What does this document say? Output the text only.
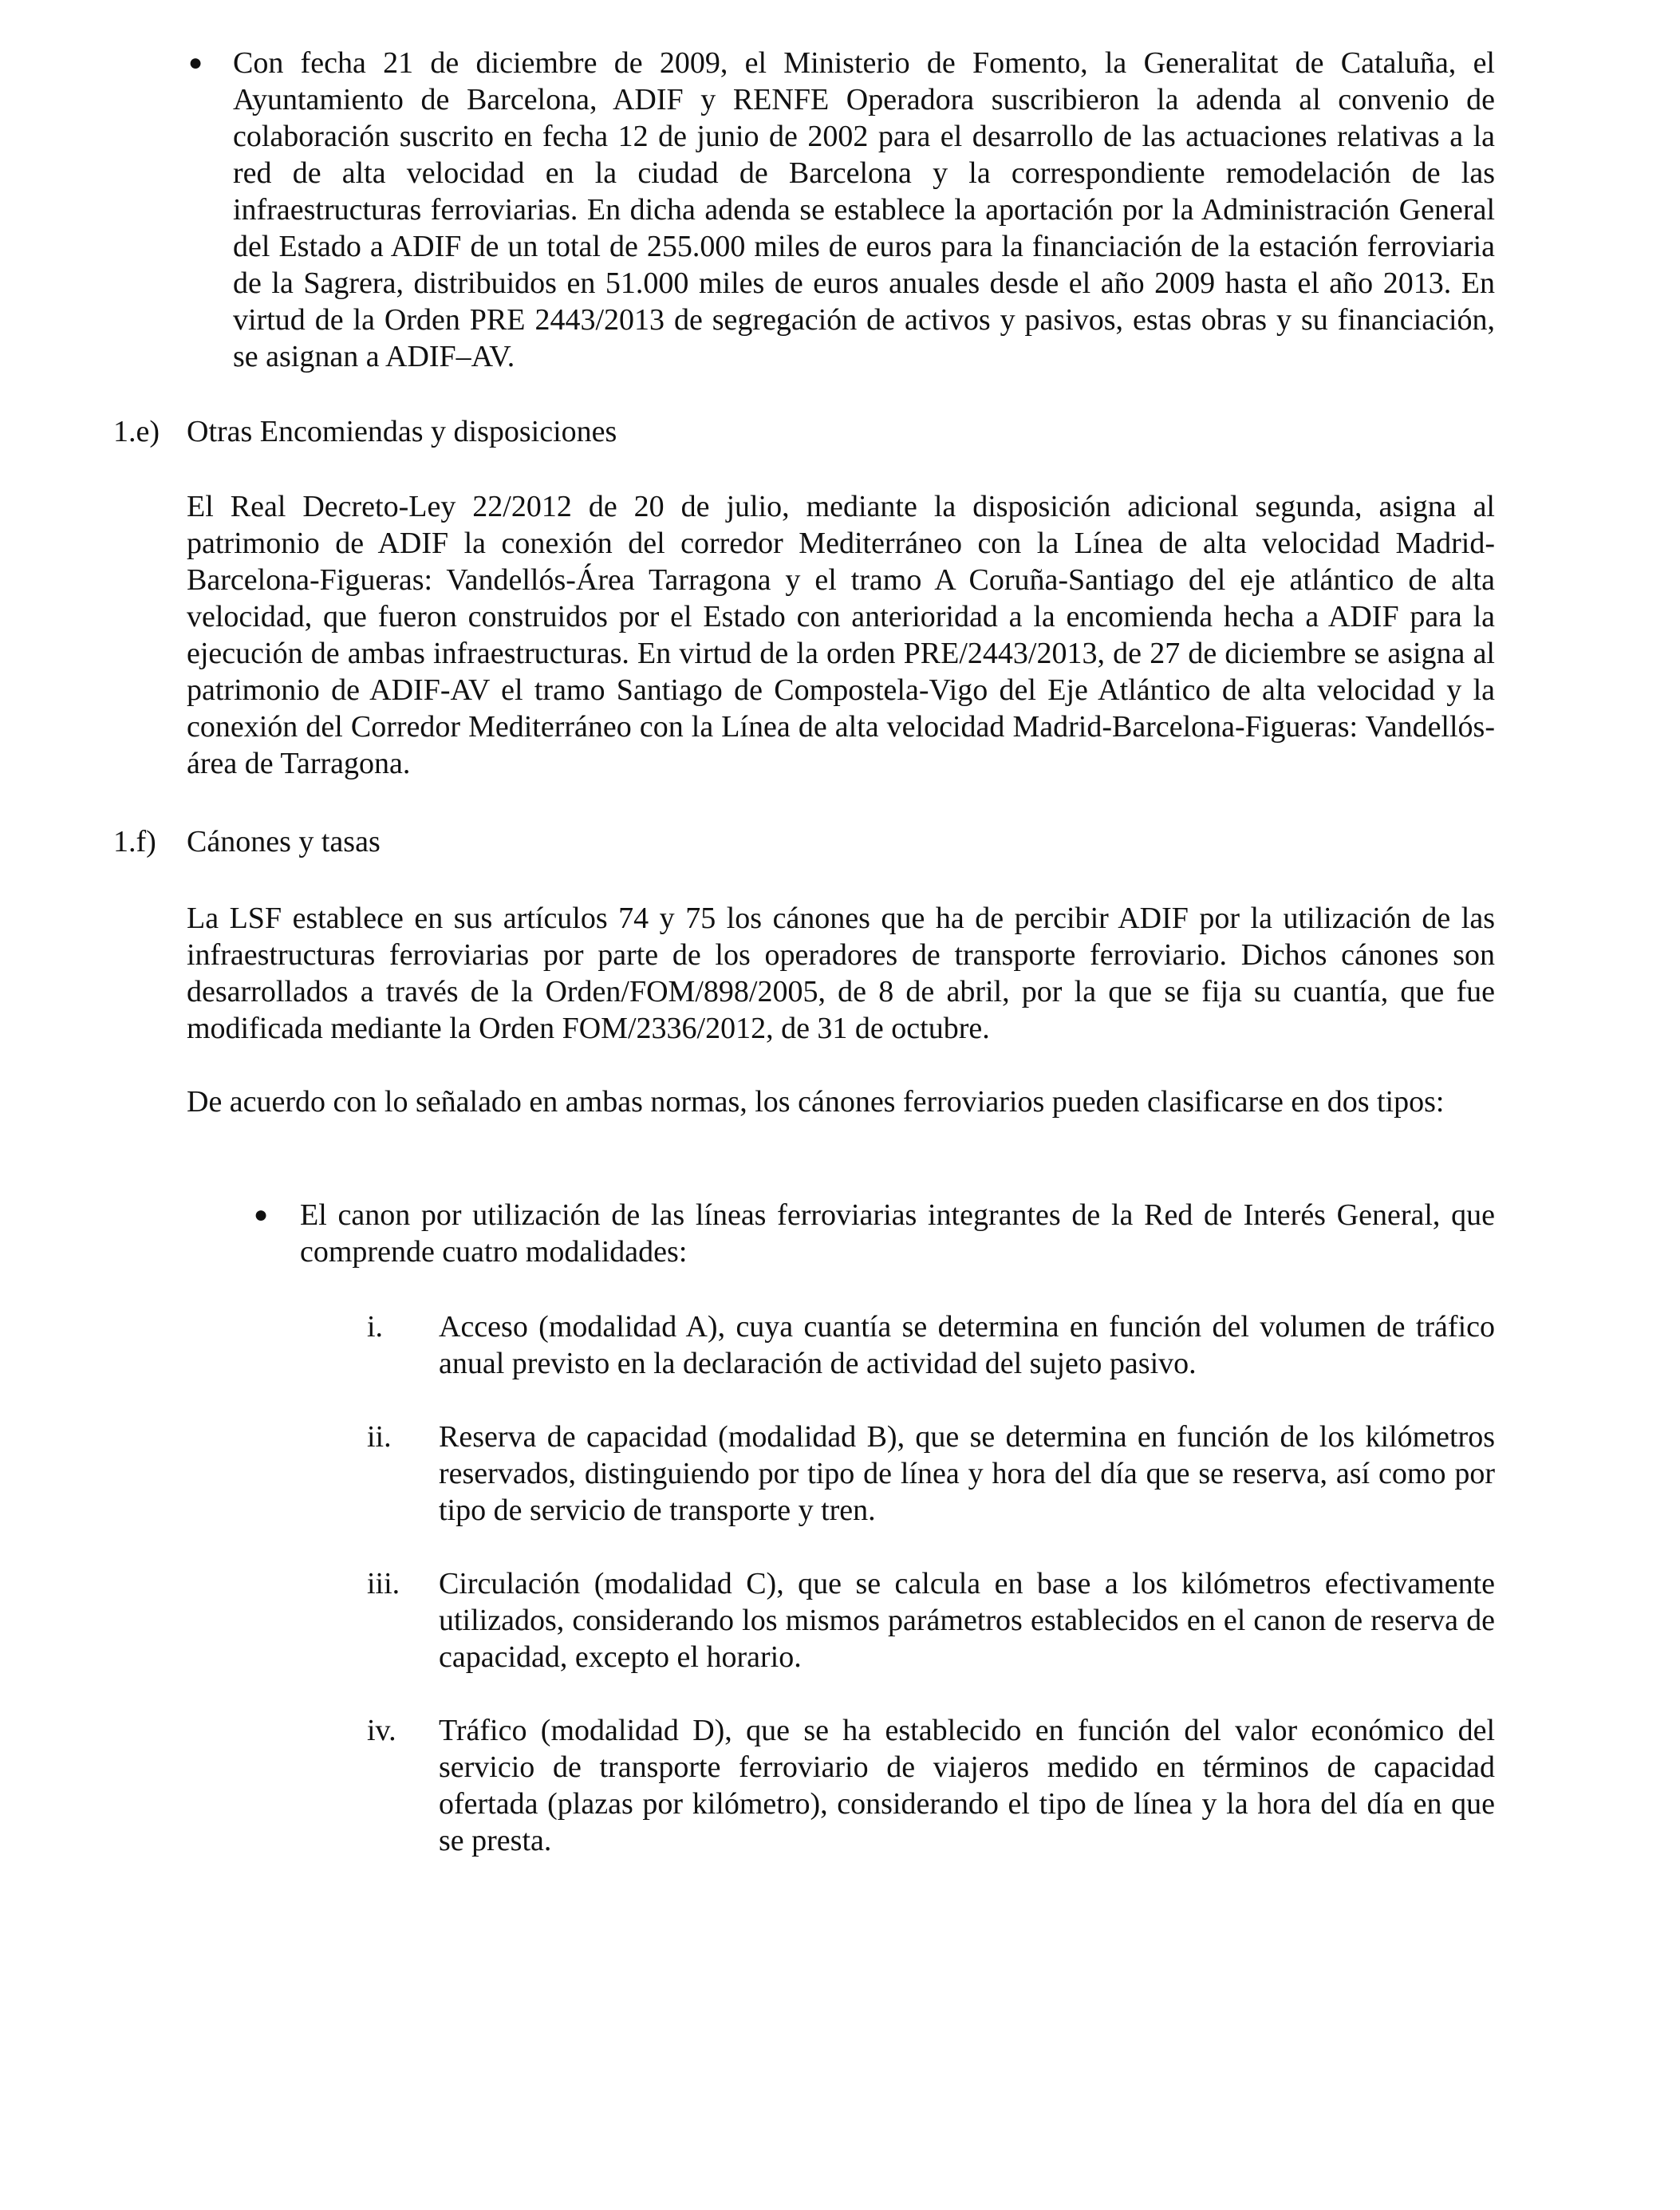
● Con fecha 21 de diciembre de 2009, el Ministerio de Fomento, la Generalitat de Cataluña, el Ayuntamiento de Barcelona, ADIF y RENFE Operadora suscribieron la adenda al convenio de colaboración suscrito en fecha 12 de junio de 2002 para el desarrollo de las actuaciones relativas a la red de alta velocidad en la ciudad de Barcelona y la correspondiente remodelación de las infraestructuras ferroviarias. En dicha adenda se establece la aportación por la Administración General del Estado a ADIF de un total de 255.000 miles de euros para la financiación de la estación ferroviaria de la Sagrera, distribuidos en 51.000 miles de euros anuales desde el año 2009 hasta el año 2013. En virtud de la Orden PRE 2443/2013 de segregación de activos y pasivos, estas obras y su financiación, se asignan a ADIF–AV.

1.e) Otras Encomiendas y disposiciones

El Real Decreto-Ley 22/2012 de 20 de julio, mediante la disposición adicional segunda, asigna al patrimonio de ADIF la conexión del corredor Mediterráneo con la Línea de alta velocidad Madrid-Barcelona-Figueras: Vandellós-Área Tarragona y el tramo A Coruña-Santiago del eje atlántico de alta velocidad, que fueron construidos por el Estado con anterioridad a la encomienda hecha a ADIF para la ejecución de ambas infraestructuras. En virtud de la orden PRE/2443/2013, de 27 de diciembre se asigna al patrimonio de ADIF-AV el tramo Santiago de Compostela-Vigo del Eje Atlántico de alta velocidad y la conexión del Corredor Mediterráneo con la Línea de alta velocidad Madrid-Barcelona-Figueras: Vandellós-área de Tarragona.

1.f)	Cánones y tasas

La LSF establece en sus artículos 74 y 75 los cánones que ha de percibir ADIF por la utilización de las infraestructuras ferroviarias por parte de los operadores de transporte ferroviario. Dichos cánones son desarrollados a través de la Orden/FOM/898/2005, de 8 de abril, por la que se fija su cuantía, que fue modificada mediante la Orden FOM/2336/2012, de 31 de octubre.

De acuerdo con lo señalado en ambas normas, los cánones ferroviarios pueden clasificarse en dos tipos:

●	El canon por utilización de las líneas ferroviarias integrantes de la Red de Interés General, que comprende cuatro modalidades:

i. Acceso (modalidad A), cuya cuantía se determina en función del volumen de tráfico anual previsto en la declaración de actividad del sujeto pasivo.

ii. Reserva de capacidad (modalidad B), que se determina en función de los kilómetros reservados, distinguiendo por tipo de línea y hora del día que se reserva, así como por tipo de servicio de transporte y tren.

iii. Circulación (modalidad C), que se calcula en base a los kilómetros efectivamente utilizados, considerando los mismos parámetros establecidos en el canon de reserva de capacidad, excepto el horario.

iv. Tráfico (modalidad D), que se ha establecido en función del valor económico del servicio de transporte ferroviario de viajeros medido en términos de capacidad ofertada (plazas por kilómetro), considerando el tipo de línea y la hora del día en que se presta.
